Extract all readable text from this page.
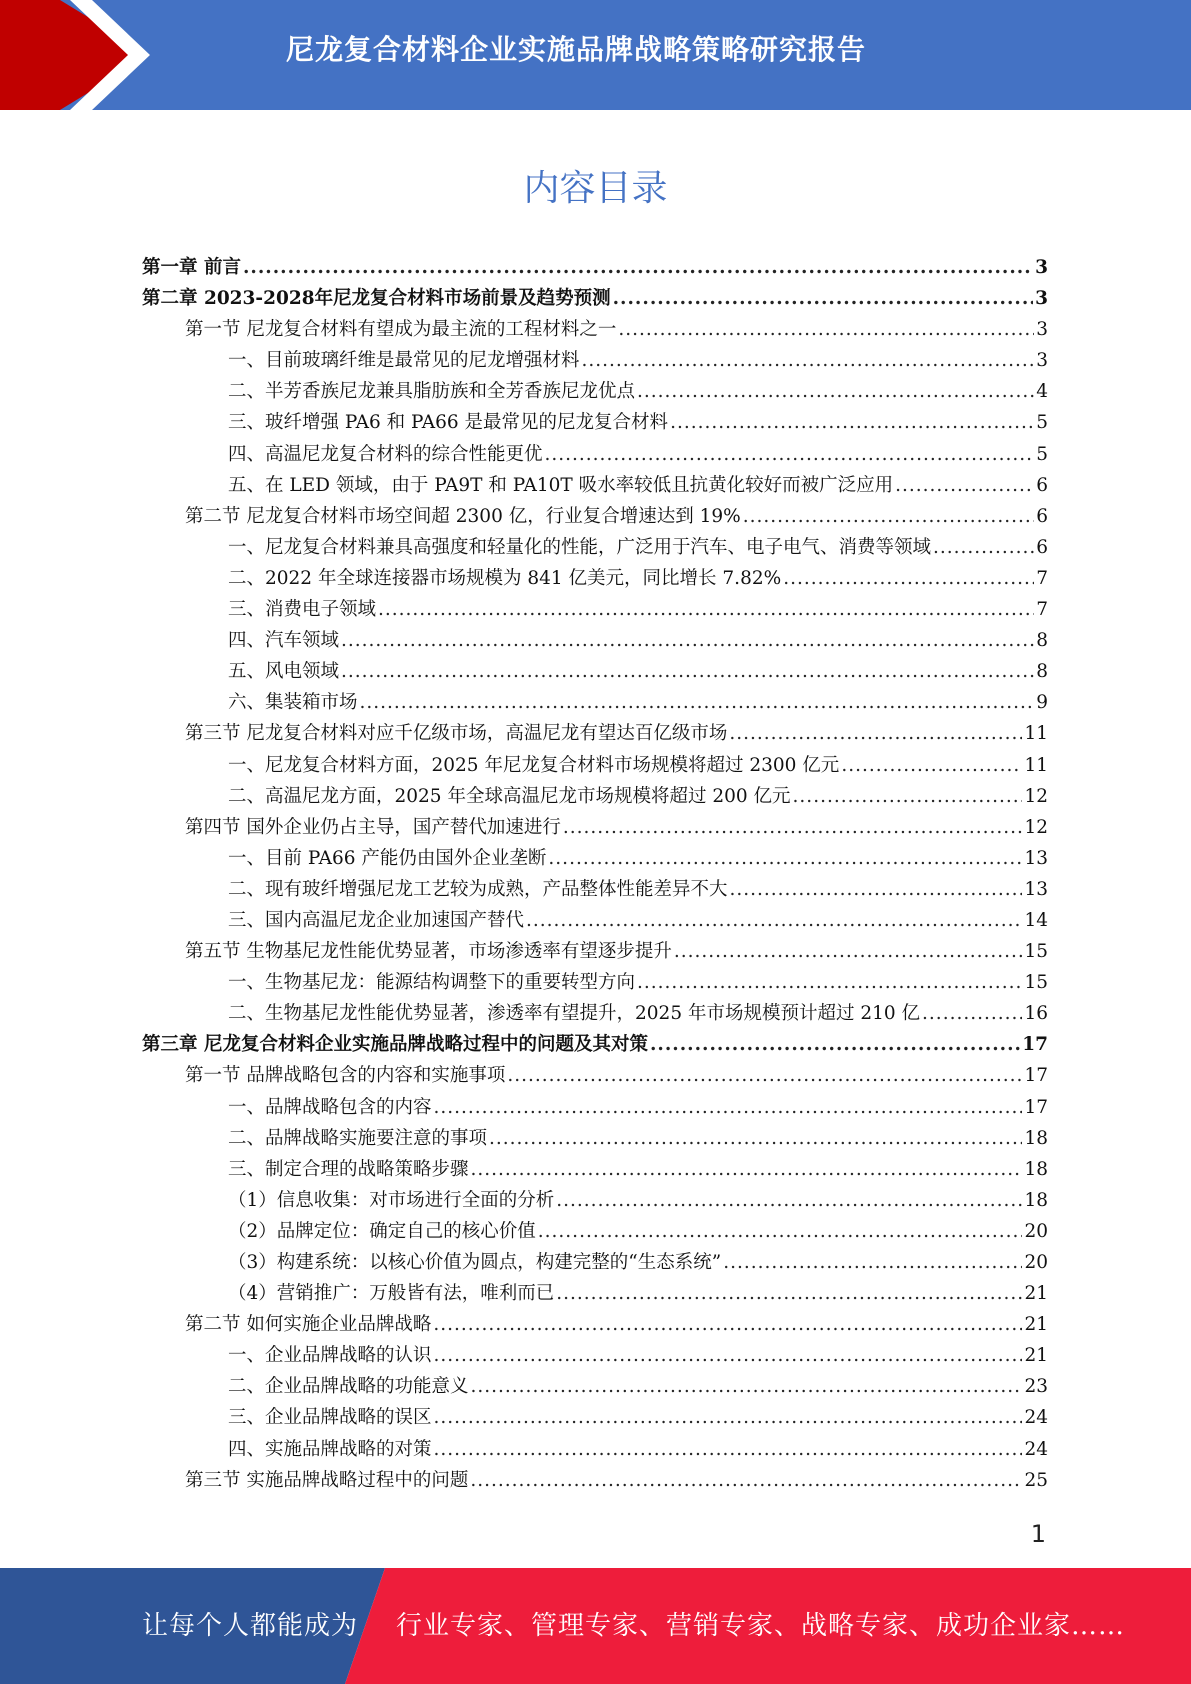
尼龙复合材料企业实施品牌战略策略研究报告
内容目录
第一章 前言 .....	3
第二章 2023-2028年尼龙复合材料市场前景及趋势预测 .....	3
第一节 尼龙复合材料有望成为最主流的工程材料之一 .....	3
一、目前玻璃纤维是最常见的尼龙增强材料 .....	3
二、半芳香族尼龙兼具脂肪族和全芳香族尼龙优点 .....	4
三、玻纤增强 PA6 和 PA66 是最常见的尼龙复合材料 .....	5
四、高温尼龙复合材料的综合性能更优 .....	5
五、在 LED 领域，由于 PA9T 和 PA10T 吸水率较低且抗黄化较好而被广泛应用 .....	6
第二节 尼龙复合材料市场空间超 2300 亿，行业复合增速达到 19% .....	6
一、尼龙复合材料兼具高强度和轻量化的性能，广泛用于汽车、电子电气、消费等领域 .....	6
二、2022 年全球连接器市场规模为 841 亿美元，同比增长 7.82% .....	7
三、消费电子领域 .....	7
四、汽车领域 .....	8
五、风电领域 .....	8
六、集装箱市场 .....	9
第三节 尼龙复合材料对应千亿级市场，高温尼龙有望达百亿级市场 .....	11
一、尼龙复合材料方面，2025 年尼龙复合材料市场规模将超过 2300 亿元 .....	11
二、高温尼龙方面，2025 年全球高温尼龙市场规模将超过 200 亿元 .....	12
第四节 国外企业仍占主导，国产替代加速进行 .....	12
一、目前 PA66 产能仍由国外企业垄断 .....	13
二、现有玻纤增强尼龙工艺较为成熟，产品整体性能差异不大 .....	13
三、国内高温尼龙企业加速国产替代 .....	14
第五节 生物基尼龙性能优势显著，市场渗透率有望逐步提升 .....	15
一、生物基尼龙：能源结构调整下的重要转型方向 .....	15
二、生物基尼龙性能优势显著，渗透率有望提升，2025 年市场规模预计超过 210 亿 .....	16
第三章 尼龙复合材料企业实施品牌战略过程中的问题及其对策 .....	17
第一节 品牌战略包含的内容和实施事项 .....	17
一、品牌战略包含的内容 .....	17
二、品牌战略实施要注意的事项 .....	18
三、制定合理的战略策略步骤 .....	18
（1）信息收集：对市场进行全面的分析 .....	18
（2）品牌定位：确定自己的核心价值 .....	20
（3）构建系统：以核心价值为圆点，构建完整的“生态系统” .....	20
（4）营销推广：万般皆有法，唯利而已 .....	21
第二节 如何实施企业品牌战略 .....	21
一、企业品牌战略的认识 .....	21
二、企业品牌战略的功能意义 .....	23
三、企业品牌战略的误区 .....	24
四、实施品牌战略的对策 .....	24
第三节 实施品牌战略过程中的问题 .....	25
1
让每个人都能成为 行业专家、管理专家、营销专家、战略专家、成功企业家……
